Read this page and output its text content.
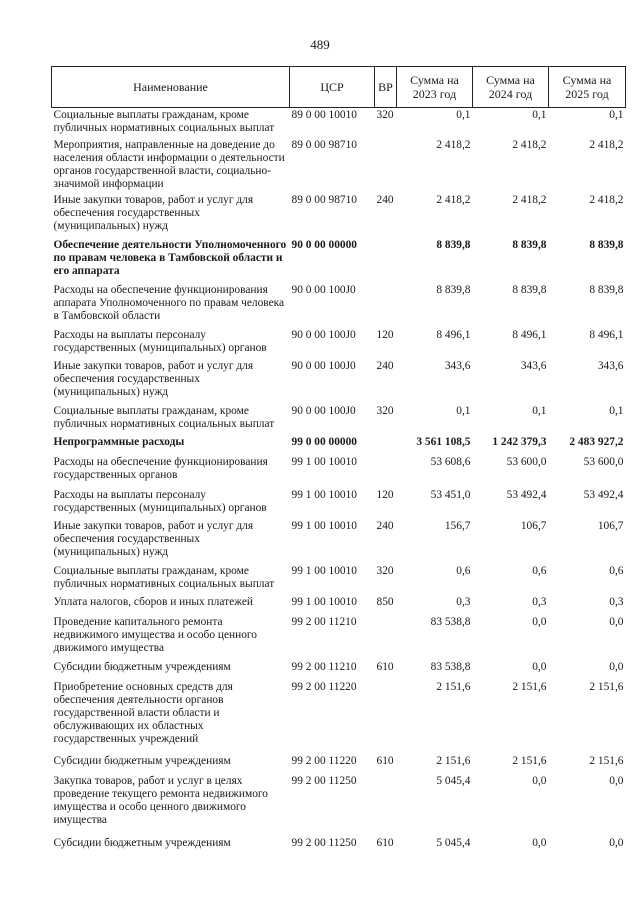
489
Наименование	ЦСР	ВР	Сумма на 2023 год	Сумма на 2024 год	Сумма на 2025 год
Социальные выплаты гражданам, кроме публичных нормативных социальных выплат	89 0 00 10010	320	0,1	0,1	0,1
Мероприятия, направленные на доведение до населения области информации о деятельности органов государственной власти, социально-значимой информации	89 0 00 98710		2 418,2	2 418,2	2 418,2
Иные закупки товаров, работ и услуг для обеспечения государственных (муниципальных) нужд	89 0 00 98710	240	2 418,2	2 418,2	2 418,2
Обеспечение деятельности Уполномоченного по правам человека в Тамбовской области и его аппарата	90 0 00 00000		8 839,8	8 839,8	8 839,8
Расходы на обеспечение функционирования аппарата Уполномоченного по правам человека в Тамбовской области	90 0 00 100J0		8 839,8	8 839,8	8 839,8
Расходы на выплаты персоналу государственных (муниципальных) органов	90 0 00 100J0	120	8 496,1	8 496,1	8 496,1
Иные закупки товаров, работ и услуг для обеспечения государственных (муниципальных) нужд	90 0 00 100J0	240	343,6	343,6	343,6
Социальные выплаты гражданам, кроме публичных нормативных социальных выплат	90 0 00 100J0	320	0,1	0,1	0,1
Непрограммные расходы	99 0 00 00000		3 561 108,5	1 242 379,3	2 483 927,2
Расходы на обеспечение функционирования государственных органов	99 1 00 10010		53 608,6	53 600,0	53 600,0
Расходы на выплаты персоналу государственных (муниципальных) органов	99 1 00 10010	120	53 451,0	53 492,4	53 492,4
Иные закупки товаров, работ и услуг для обеспечения государственных (муниципальных) нужд	99 1 00 10010	240	156,7	106,7	106,7
Социальные выплаты гражданам, кроме публичных нормативных социальных выплат	99 1 00 10010	320	0,6	0,6	0,6
Уплата налогов, сборов и иных платежей	99 1 00 10010	850	0,3	0,3	0,3
Проведение капитального ремонта недвижимого имущества и особо ценного движимого имущества	99 2 00 11210		83 538,8	0,0	0,0
Субсидии бюджетным учреждениям	99 2 00 11210	610	83 538,8	0,0	0,0
Приобретение основных средств для обеспечения деятельности органов государственной власти области и обслуживающих их областных государственных учреждений	99 2 00 11220		2 151,6	2 151,6	2 151,6
Субсидии бюджетным учреждениям	99 2 00 11220	610	2 151,6	2 151,6	2 151,6
Закупка товаров, работ и услуг в целях проведение текущего ремонта недвижимого имущества и особо ценного движимого имущества	99 2 00 11250		5 045,4	0,0	0,0
Субсидии бюджетным учреждениям	99 2 00 11250	610	5 045,4	0,0	0,0
